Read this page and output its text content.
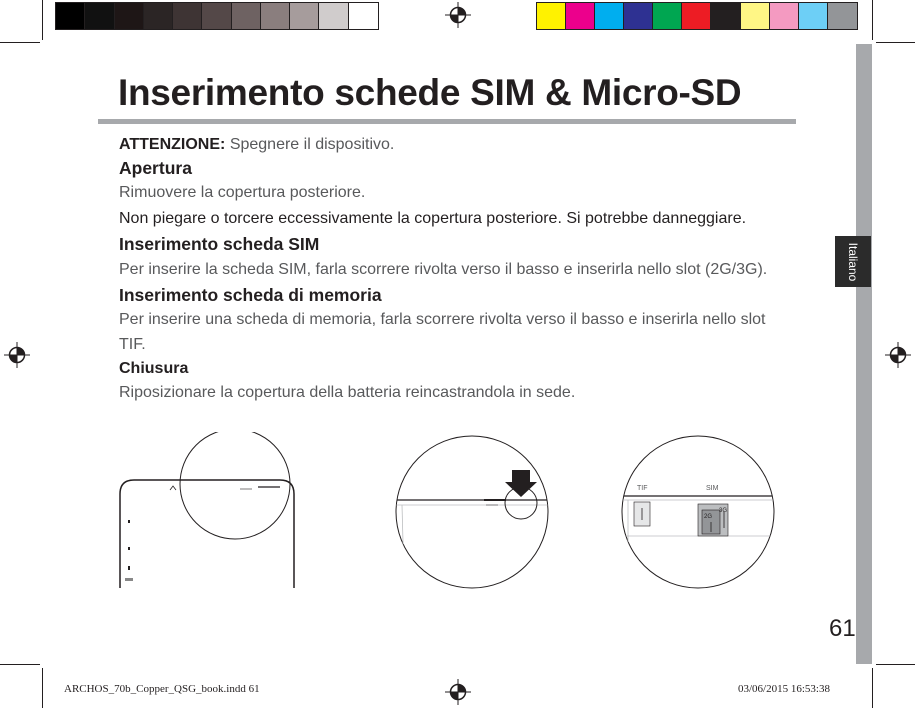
Italiano
Inserimento schede SIM & Micro-SD
ATTENZIONE: Spegnere il dispositivo.
Apertura
Rimuovere la copertura posteriore.
Non piegare o torcere eccessivamente la copertura posteriore. Si potrebbe danneggiare.
Inserimento scheda SIM
Per inserire la scheda SIM, farla scorrere rivolta verso il basso e inserirla nello slot (2G/3G).
Inserimento scheda di memoria
Per inserire una scheda di memoria, farla scorrere rivolta verso il basso e inserirla nello slot
TIF.
Chiusura
Riposizionare la copertura della batteria reincastrandola in sede.
TIF	SIM
2G
3G
61
ARCHOS_70b_Copper_QSG_book.indd 61	03/06/2015 16:53:38
